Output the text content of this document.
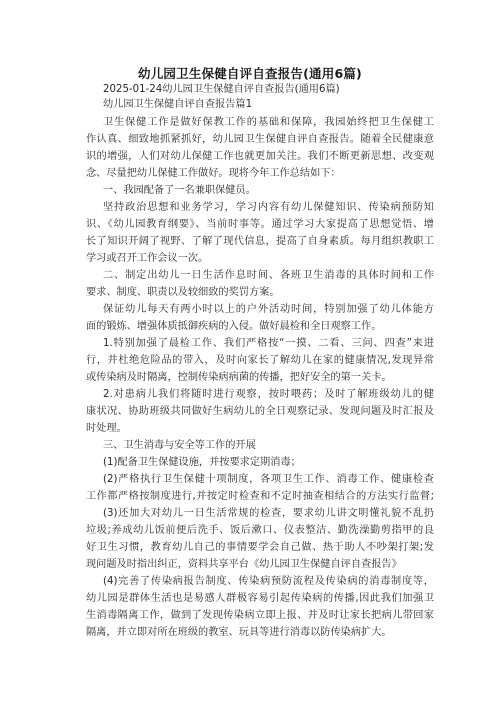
幼儿园卫生保健自评自查报告(通用6篇)
2025-01-24幼儿园卫生保健自评自查报告(通用6篇)
幼儿园卫生保健自评自查报告篇1
卫生保健工作是做好保教工作的基础和保障，我园始终把卫生保健工
作认真、细致地抓紧抓好，幼儿园卫生保健自评自查报告。随着全民健康意
识的增强，人们对幼儿保健工作也就更加关注。我们不断更新思想、改变观
念、尽量把幼儿保健工作做好。现将今年工作总结如下：
一、我园配备了一名兼职保健员。
坚持政治思想和业务学习，学习内容有幼儿保健知识、传染病预防知
识、《幼儿园教育纲要》、当前时事等。通过学习大家提高了思想觉悟、增
长了知识开阔了视野、了解了现代信息，提高了自身素质。每月组织教职工
学习或召开工作会议一次。
二、制定出幼儿一日生活作息时间、各班卫生消毒的具体时间和工作
要求、制度、职责以及较细致的奖罚方案。
保证幼儿每天有两小时以上的户外活动时间，特别加强了幼儿体能方
面的锻炼、增强体质抵御疾病的入侵。做好晨检和全日观察工作。
1.特别加强了晨检工作、我们严格按“一摸、二看、三问、四查”来进
行，并杜绝危险品的带入，及时向家长了解幼儿在家的健康情况,发现异常
或传染病及时隔离，控制传染病病菌的传播，把好安全的第一关卡。
2.对患病儿我们将随时进行观察，按时喂药；及时了解班级幼儿的健
康状况、协助班级共同做好生病幼儿的全日观察记录、发现问题及时汇报及
时处理。
三、卫生消毒与安全等工作的开展
(1)配备卫生保健设施，并按要求定期消毒；
(2)严格执行卫生保健十项制度，各项卫生工作、消毒工作、健康检查
工作都严格按制度进行,并按定时检查和不定时抽查相结合的方法实行监督;
(3)还加大对幼儿一日生活常规的检查，要求幼儿讲文明懂礼貌不乱扔
垃圾;养成幼儿饭前便后洗手、饭后漱口、仪表整洁、勤洗澡勤剪指甲的良
好卫生习惯，教育幼儿自己的事情要学会自己做、热于助人不吵架打架;发
现问题及时指出纠正，资料共享平台《幼儿园卫生保健自评自查报告》
(4)完善了传染病报告制度、传染病预防流程及传染病的消毒制度等，
幼儿园是群体生活也是易感人群极容易引起传染病的传播,因此我们加强卫
生消毒隔离工作，做到了发现传染病立即上报、并及时让家长把病儿带回家
隔离，并立即对所在班级的教室、玩具等进行消毒以防传染病扩大。
